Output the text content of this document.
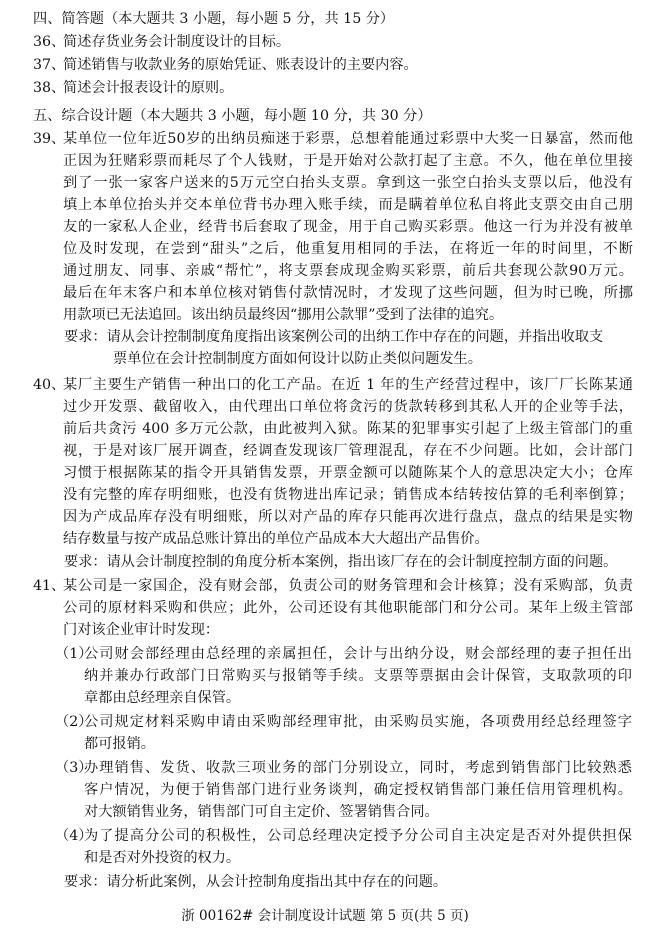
四、简答题（本大题共 3 小题，每小题 5 分，共 15 分）
36、简述存货业务会计制度设计的目标。
37、简述销售与收款业务的原始凭证、账表设计的主要内容。
38、简述会计报表设计的原则。
五、综合设计题（本大题共 3 小题，每小题 10 分，共 30 分）
39、
某单位一位年近50岁的出纳员痴迷于彩票，总想着能通过彩票中大奖一日暴富，然而他
正因为狂赌彩票而耗尽了个人钱财，于是开始对公款打起了主意。不久，他在单位里接
到了一张一家客户送来的5万元空白抬头支票。拿到这一张空白抬头支票以后，他没有
填上本单位抬头并交本单位背书办理入账手续，而是瞒着单位私自将此支票交由自己朋
友的一家私人企业，经背书后套取了现金，用于自己购买彩票。他这一行为并没有被单
位及时发现，在尝到“甜头”之后，他重复用相同的手法，在将近一年的时间里，不断
通过朋友、同事、亲戚“帮忙”，将支票套成现金购买彩票，前后共套现公款90万元。
最后在年末客户和本单位核对销售付款情况时，才发现了这些问题，但为时已晚，所挪
用款项已无法追回。该出纳员最终因“挪用公款罪”受到了法律的追究。
要求：请从会计控制制度角度指出该案例公司的出纳工作中存在的问题，并指出收取支
票单位在会计控制制度方面如何设计以防止类似问题发生。
40、
某厂主要生产销售一种出口的化工产品。在近 1 年的生产经营过程中，该厂厂长陈某通
过少开发票、截留收入，由代理出口单位将贪污的货款转移到其私人开的企业等手法，
前后共贪污 400 多万元公款，由此被判入狱。陈某的犯罪事实引起了上级主管部门的重
视，于是对该厂展开调查，经调查发现该厂管理混乱，存在不少问题。比如，会计部门
习惯于根据陈某的指令开具销售发票，开票金额可以随陈某个人的意思决定大小；仓库
没有完整的库存明细账，也没有货物进出库记录；销售成本结转按估算的毛利率倒算；
因为产成品库存没有明细账，所以对产品的库存只能再次进行盘点，盘点的结果是实物
结存数量与按产成品总账计算出的单位产品成本大大超出产品售价。
要求：请从会计制度控制的角度分析本案例，指出该厂存在的会计制度控制方面的问题。
41、
某公司是一家国企，没有财会部，负责公司的财务管理和会计核算；没有采购部，负责
公司的原材料采购和供应；此外，公司还设有其他职能部门和分公司。某年上级主管部
门对该企业审计时发现：
（1）
公司财会部经理由总经理的亲属担任，会计与出纳分设，财会部经理的妻子担任出
纳并兼办行政部门日常购买与报销等手续。支票等票据由会计保管，支取款项的印
章都由总经理亲自保管。
（2）
公司规定材料采购申请由采购部经理审批，由采购员实施，各项费用经总经理签字
都可报销。
（3）
办理销售、发货、收款三项业务的部门分别设立，同时，考虑到销售部门比较熟悉
客户情况，为便于销售部门进行业务谈判，确定授权销售部门兼任信用管理机构。
对大额销售业务，销售部门可自主定价、签署销售合同。
（4）
为了提高分公司的积极性，公司总经理决定授予分公司自主决定是否对外提供担保
和是否对外投资的权力。
要求：请分析此案例，从会计控制角度指出其中存在的问题。
浙 00162# 会计制度设计试题 第 5 页(共 5 页)
